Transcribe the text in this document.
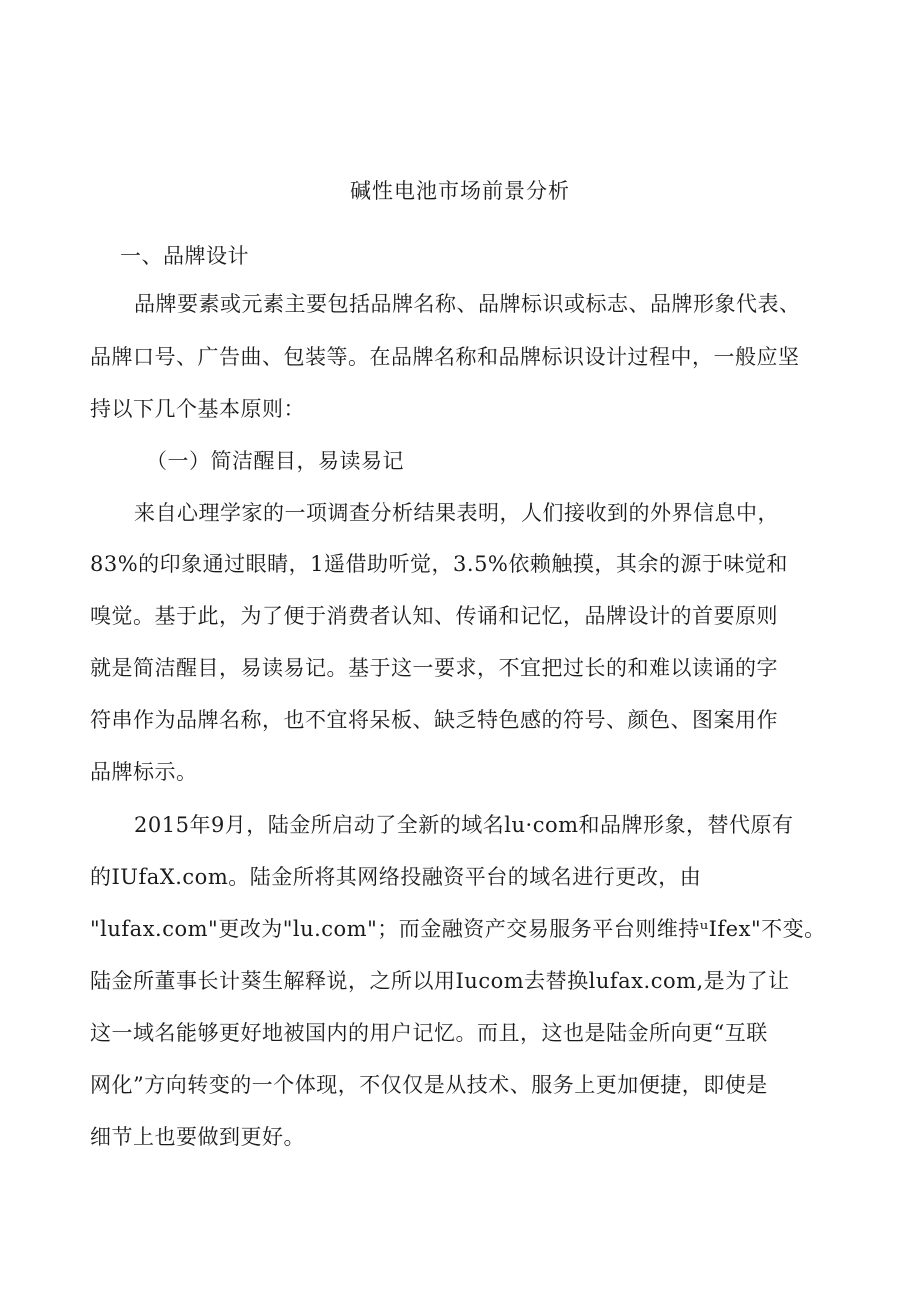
碱性电池市场前景分析
一、品牌设计
品牌要素或元素主要包括品牌名称、品牌标识或标志、品牌形象代表、
品牌口号、广告曲、包装等。在品牌名称和品牌标识设计过程中，一般应坚
持以下几个基本原则：
（一）简洁醒目，易读易记
来自心理学家的一项调查分析结果表明，人们接收到的外界信息中，
83%的印象通过眼睛，1遥借助听觉，3.5%依赖触摸，其余的源于味觉和
嗅觉。基于此，为了便于消费者认知、传诵和记忆，品牌设计的首要原则
就是简洁醒目，易读易记。基于这一要求，不宜把过长的和难以读诵的字
符串作为品牌名称，也不宜将呆板、缺乏特色感的符号、颜色、图案用作
品牌标示。
2015年9月，陆金所启动了全新的域名lu·com和品牌形象，替代原有
的IUfaX.com。陆金所将其网络投融资平台的域名进行更改，由
"lufax.com"更改为"lu.com"；而金融资产交易服务平台则维持ᵘIfex"不变。
陆金所董事长计葵生解释说，之所以用Iucom去替换lufax.com,是为了让
这一域名能够更好地被国内的用户记忆。而且，这也是陆金所向更“互联
网化”方向转变的一个体现，不仅仅是从技术、服务上更加便捷，即使是
细节上也要做到更好。
